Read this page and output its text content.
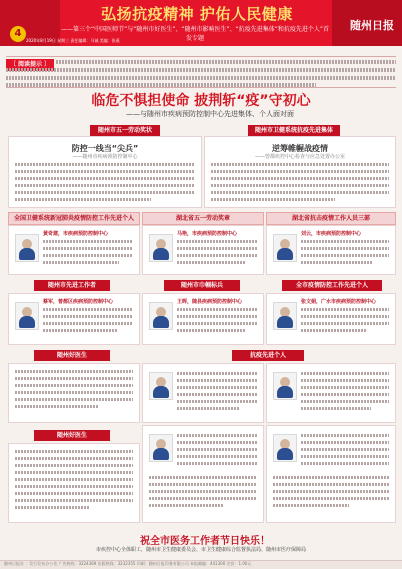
4
弘扬抗疫精神 护佑人民健康
——第三个“中国医师节”与“随州市好医生”、“随州市影响医生”、“抗疫先进集体”和抗疫先进个人”首发专题
随州日报
2020年8月19日 星期三 责任编辑：马诚 美编：张燕
〔 阅读提示 〕
临危不惧担使命 披荆斩“疫”守初心
——与随州市疾病预防控制中心先进集体、个人面对面
随州市五一劳动奖状	随州市卫健系统抗疫先进集体
防控一线当“尖兵”
——随州市疾病预防控制中心
逆筹帷幄战疫情
——曾都疾控中心检查与应急处置办公室
全国卫健系统新冠肺炎疫情防控工作先进个人	湖北省五一劳动奖章	湖北省抗击疫情工作人员三部
黄奇建，市疾病预防控制中心	马艳，市疾病预防控制中心	刘云，市疾病预防控制中心
随州市先进工作者	随州市巾帼标兵	全市疫情防控工作先进个人
蔡军，曾都区疾病预防控制中心	王晖，随县疾病预防控制中心	张文娟，广水市疾病预防控制中心
随州好医生	抗疫先进个人
随州好医生
祝全市医务工作者节日快乐！
市疾控中心全体职工，随州市卫生健康委员会、市卫生健康综合监督执法局、随州市医疗保障局
随州日报社 ：发行发布办公室 广告热线：3224369 出版热线：3232355 印刷：随州日报印务有限公司 本报邮编：441300 定价：1.00元
